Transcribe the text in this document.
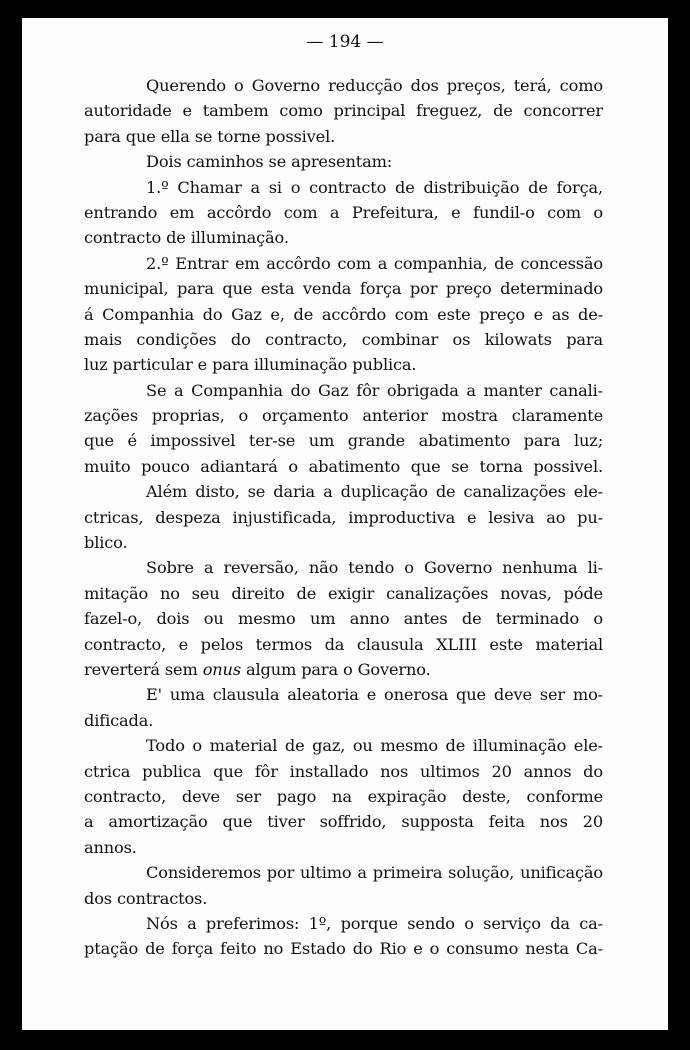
— 194 —
Querendo o Governo reducção dos preços, terá, como
autoridade e tambem como principal freguez, de concorrer
para que ella se torne possivel.
Dois caminhos se apresentam:
1.º Chamar a si o contracto de distribuição de força,
entrando em accôrdo com a Prefeitura, e fundil-o com o
contracto de illuminação.
2.º Entrar em accôrdo com a companhia, de concessão
municipal, para que esta venda força por preço determinado
á Companhia do Gaz e, de accôrdo com este preço e as de-
mais condições do contracto, combinar os kilowats para
luz particular e para illuminação publica.
Se a Companhia do Gaz fôr obrigada a manter canali-
zações proprias, o orçamento anterior mostra claramente
que é impossivel ter-se um grande abatimento para luz;
muito pouco adiantará o abatimento que se torna possivel.
Além disto, se daria a duplicação de canalizações ele-
ctricas, despeza injustificada, improductiva e lesiva ao pu-
blico.
Sobre a reversão, não tendo o Governo nenhuma li-
mitação no seu direito de exigir canalizações novas, póde
fazel-o, dois ou mesmo um anno antes de terminado o
contracto, e pelos termos da clausula XLIII este material
reverterá sem onus algum para o Governo.
E' uma clausula aleatoria e onerosa que deve ser mo-
dificada.
Todo o material de gaz, ou mesmo de illuminação ele-
ctrica publica que fôr installado nos ultimos 20 annos do
contracto, deve ser pago na expiração deste, conforme
a amortização que tiver soffrido, supposta feita nos 20
annos.
Consideremos por ultimo a primeira solução, unificação
dos contractos.
Nós a preferimos: 1º, porque sendo o serviço da ca-
ptação de força feito no Estado do Rio e o consumo nesta Ca-
